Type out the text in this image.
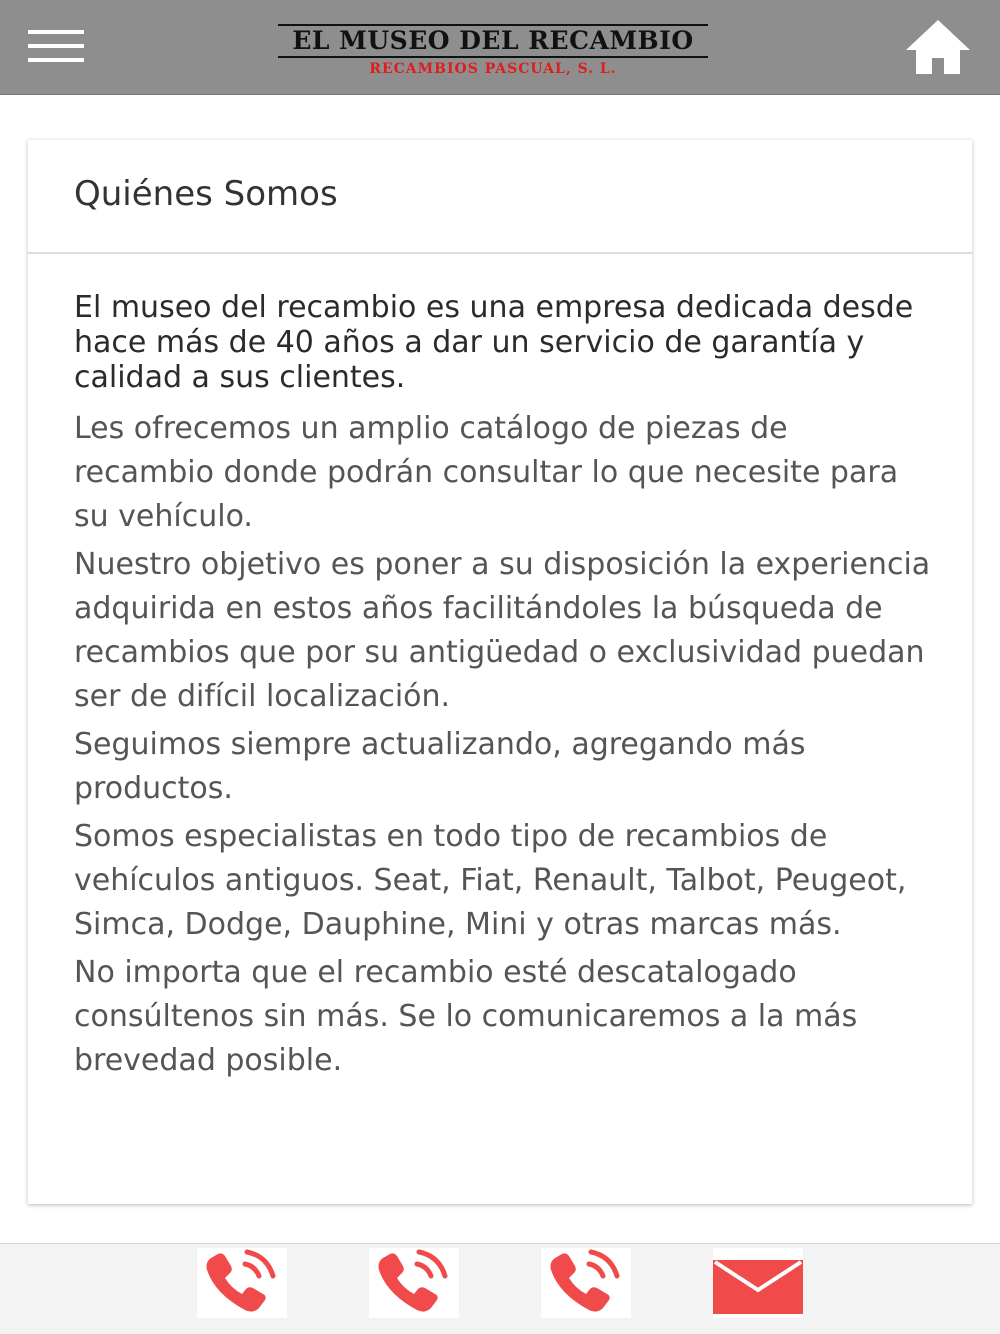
EL MUSEO DEL RECAMBIO
RECAMBIOS PASCUAL, S. L.
Quiénes Somos

El museo del recambio es una empresa dedicada desde hace más de 40 años a dar un servicio de garantía y calidad a sus clientes.

Les ofrecemos un amplio catálogo de piezas de recambio donde podrán consultar lo que necesite para su vehículo.

Nuestro objetivo es poner a su disposición la experiencia adquirida en estos años facilitándoles la búsqueda de recambios que por su antigüedad o exclusividad puedan ser de difícil localización.

Seguimos siempre actualizando, agregando más productos.

Somos especialistas en todo tipo de recambios de vehículos antiguos. Seat, Fiat, Renault, Talbot, Peugeot, Simca, Dodge, Dauphine, Mini y otras marcas más.

No importa que el recambio esté descatalogado consúltenos sin más. Se lo comunicaremos a la más brevedad posible.
